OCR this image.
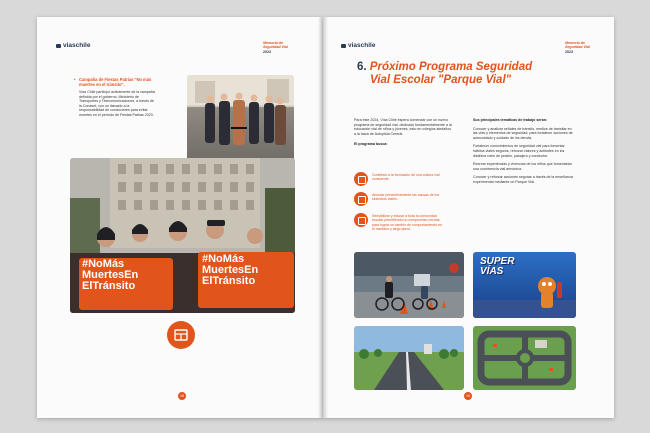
viaschile	Memoria de
Seguridad Vial
2023
• Campaña de Fiestas Patrias "No más muertes en el tránsito".
Vías Chile participó activamente de la campaña definida por el gobierno, Ministerio de Transportes y Telecomunicaciones, a través de la Conaset, con un llamado a la responsabilidad de conductores para evitar muertes en el período de Fiestas Patrias 2023.
#NoMás
MuertesEn
ElTránsito
#NoMás
MuertesEn
ElTránsito
18
viaschile	Memoria de
Seguridad Vial
2023
6. Próximo Programa Seguridad
Vial Escolar "Parque Vial"

Para este 2024, Vías Chile espera comenzar con un nuevo programa de seguridad vial, dedicado fundamentalmente a la educación vial de niños y jóvenes, esto en colegios aledaños a la traza de Autopista Central.

El programa busca:

Contribuir a la formación de una cultura vial consciente.
Abordar preventivamente las causas de los siniestros viales.
Sensibilizar y educar a toda la comunidad escolar permitiendo un compromiso circular, para lograr un cambio de comportamiento en el mediano y largo plazo.

Sus principales temáticas de trabajo serán:

Conocer y analizar señales de tránsito, medios de transitar en las vías y elementos de seguridad, para fortalecer acciones de autocuidado y cuidado de los demás.

Fortalecer conocimientos de seguridad vial para fomentar hábitos viales seguros, reforzar valores y actitudes en los distintos roles de peatón, pasajero y conductor.

Recrear experiencias y vivencias de los niños que fomentarán una convivencia vial armónica.

Conocer y reforzar acciones seguras a través de la enseñanza experimental mediante un Parque Vial.

SUPER
VÍAS
19
